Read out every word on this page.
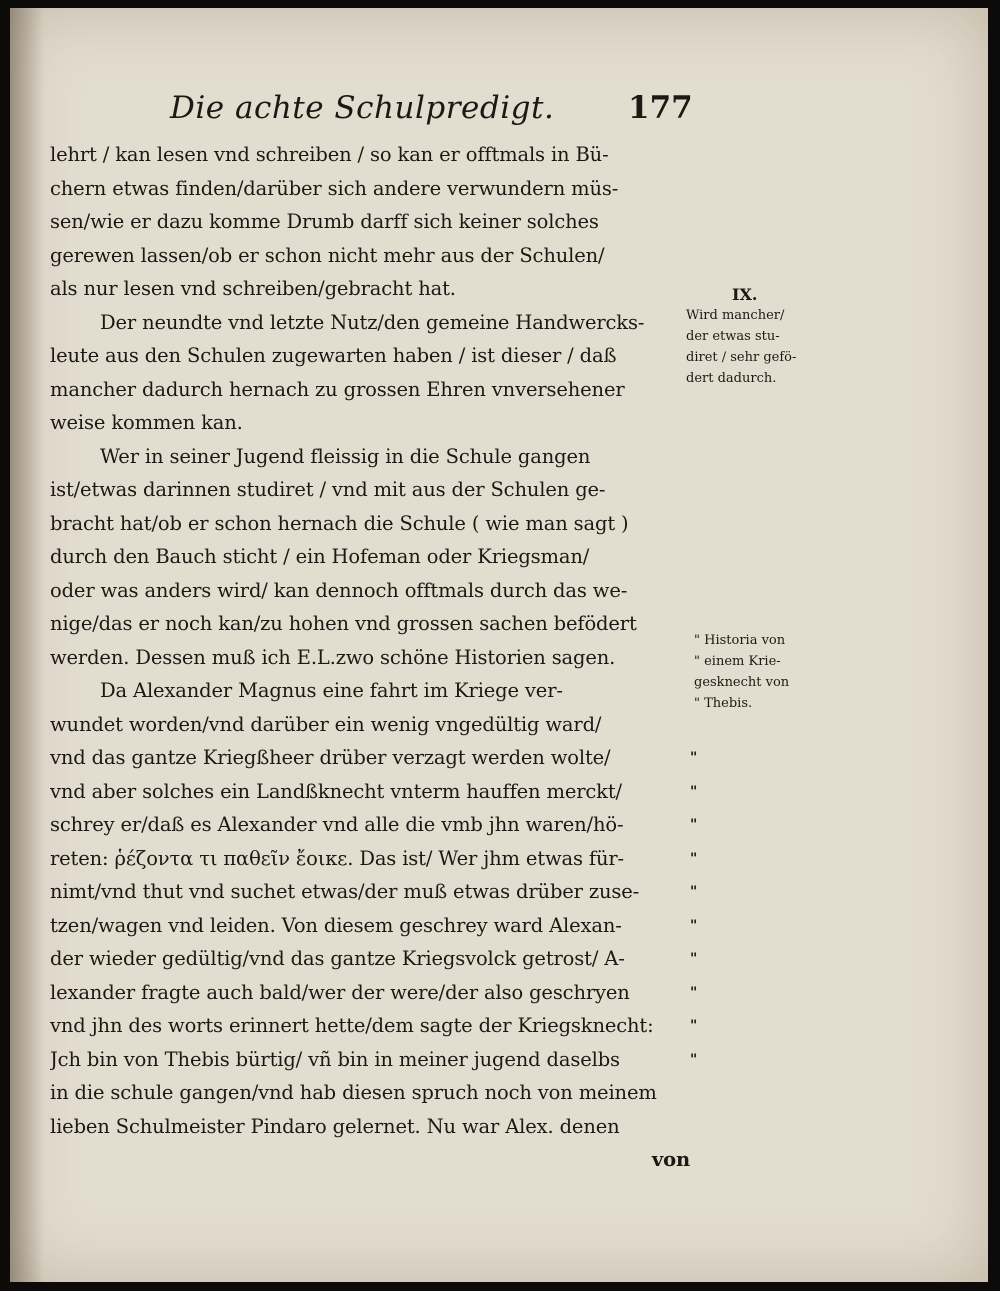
Die achte Schulpredigt. 177
lehrt / kan lesen vnd schreiben / so kan er offtmals in Bü-
chern etwas finden/darüber sich andere verwundern müs-
sen/wie er dazu komme Drumb darff sich keiner solches
gerewen lassen/ob er schon nicht mehr aus der Schulen/
als nur lesen vnd schreiben/gebracht hat.
Der neundte vnd letzte Nutz/den gemeine Handwercks-
leute aus den Schulen zugewarten haben / ist dieser / daß
mancher dadurch hernach zu grossen Ehren vnversehener
weise kommen kan.
Wer in seiner Jugend fleissig in die Schule gangen
ist/etwas darinnen studiret / vnd mit aus der Schulen ge-
bracht hat/ob er schon hernach die Schule ( wie man sagt )
durch den Bauch sticht / ein Hofeman oder Kriegsman/
oder was anders wird/ kan dennoch offtmals durch das we-
nige/das er noch kan/zu hohen vnd grossen sachen befödert
werden. Dessen muß ich E.L.zwo schöne Historien sagen.
Da Alexander Magnus eine fahrt im Kriege ver-
wundet worden/vnd darüber ein wenig vngedültig ward/
vnd das gantze Kriegßheer drüber verzagt werden wolte/
vnd aber solches ein Landßknecht vnterm hauffen merckt/
schrey er/daß es Alexander vnd alle die vmb jhn waren/hö-
reten: ῥέζοντα τι παθεῖν ἔοικε. Das ist/ Wer jhm etwas für-
nimt/vnd thut vnd suchet etwas/der muß etwas drüber zuse-
tzen/wagen vnd leiden. Von diesem geschrey ward Alexan-
der wieder gedültig/vnd das gantze Kriegsvolck getrost/ A-
lexander fragte auch bald/wer der were/der also geschryen
vnd jhn des worts erinnert hette/dem sagte der Kriegsknecht:
Jch bin von Thebis bürtig/ vñ bin in meiner jugend daselbs
in die schule gangen/vnd hab diesen spruch noch von meinem
lieben Schulmeister Pindaro gelernet. Nu war Alex. denen
von
IX.
Wird mancher/
der etwas stu-
diret / sehr gefö-
dert dadurch.
" Historia von
" einem Krie-
gesknecht von
" Thebis.
"
"
"
"
"
"
"
"
"
"
